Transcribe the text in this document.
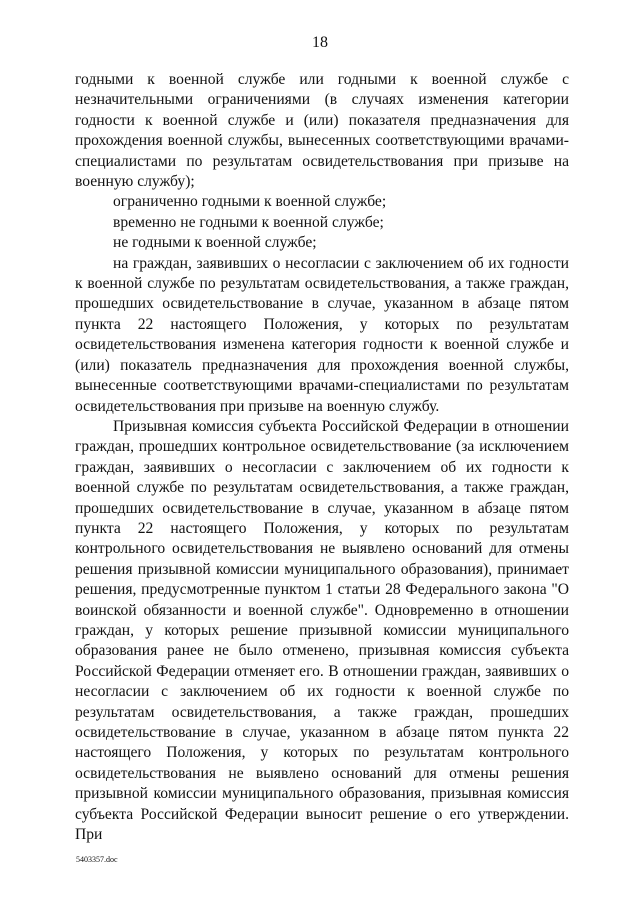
18

годными к военной службе или годными к военной службе с незначительными ограничениями (в случаях изменения категории годности к военной службе и (или) показателя предназначения для прохождения военной службы, вынесенных соответствующими врачами-специалистами по результатам освидетельствования при призыве на военную службу);

ограниченно годными к военной службе;

временно не годными к военной службе;

не годными к военной службе;

на граждан, заявивших о несогласии с заключением об их годности к военной службе по результатам освидетельствования, а также граждан, прошедших освидетельствование в случае, указанном в абзаце пятом пункта 22 настоящего Положения, у которых по результатам освидетельствования изменена категория годности к военной службе и (или) показатель предназначения для прохождения военной службы, вынесенные соответствующими врачами-специалистами по результатам освидетельствования при призыве на военную службу.

Призывная комиссия субъекта Российской Федерации в отношении граждан, прошедших контрольное освидетельствование (за исключением граждан, заявивших о несогласии с заключением об их годности к военной службе по результатам освидетельствования, а также граждан, прошедших освидетельствование в случае, указанном в абзаце пятом пункта 22 настоящего Положения, у которых по результатам контрольного освидетельствования не выявлено оснований для отмены решения призывной комиссии муниципального образования), принимает решения, предусмотренные пунктом 1 статьи 28 Федерального закона "О воинской обязанности и военной службе". Одновременно в отношении граждан, у которых решение призывной комиссии муниципального образования ранее не было отменено, призывная комиссия субъекта Российской Федерации отменяет его. В отношении граждан, заявивших о несогласии с заключением об их годности к военной службе по результатам освидетельствования, а также граждан, прошедших освидетельствование в случае, указанном в абзаце пятом пункта 22 настоящего Положения, у которых по результатам контрольного освидетельствования не выявлено оснований для отмены решения призывной комиссии муниципального образования, призывная комиссия субъекта Российской Федерации выносит решение о его утверждении. При

5403357.doc
